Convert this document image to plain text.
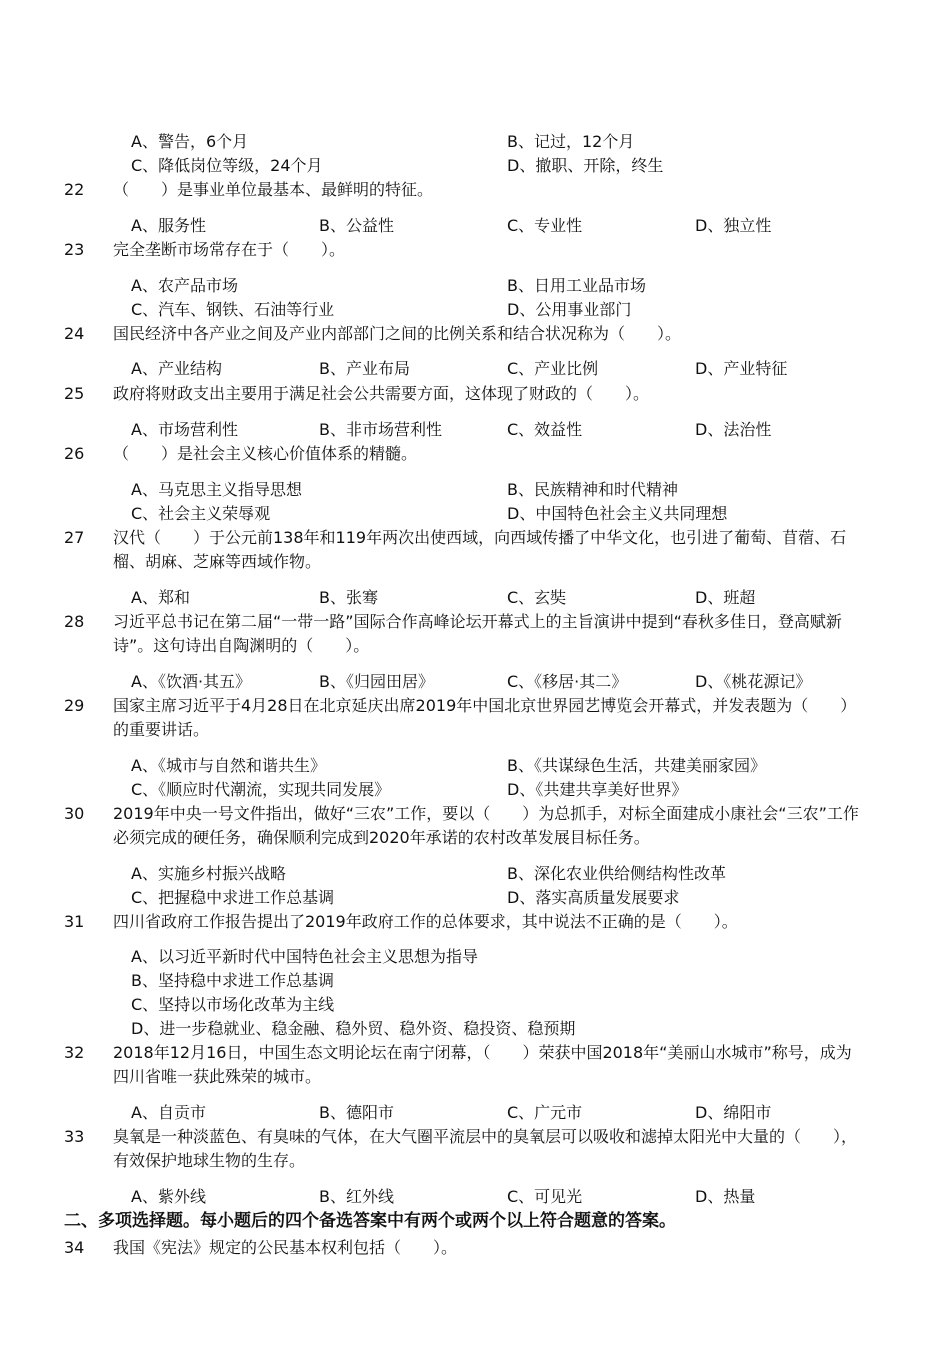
A、警告，6个月	B、记过，12个月
C、降低岗位等级，24个月	D、撤职、开除，终生
22 （　　）是事业单位最基本、最鲜明的特征。
A、服务性	B、公益性	C、专业性	D、独立性
23 完全垄断市场常存在于（　　）。
A、农产品市场	B、日用工业品市场
C、汽车、钢铁、石油等行业	D、公用事业部门
24 国民经济中各产业之间及产业内部部门之间的比例关系和结合状况称为（　　）。
A、产业结构	B、产业布局	C、产业比例	D、产业特征
25 政府将财政支出主要用于满足社会公共需要方面，这体现了财政的（　　）。
A、市场营利性	B、非市场营利性	C、效益性	D、法治性
26 （　　）是社会主义核心价值体系的精髓。
A、马克思主义指导思想	B、民族精神和时代精神
C、社会主义荣辱观	D、中国特色社会主义共同理想
27 汉代（　　）于公元前138年和119年两次出使西域，向西域传播了中华文化，也引进了葡萄、苜蓿、石榴、胡麻、芝麻等西域作物。
A、郑和	B、张骞	C、玄奘	D、班超
28 习近平总书记在第二届“一带一路”国际合作高峰论坛开幕式上的主旨演讲中提到“春秋多佳日，登高赋新诗”。这句诗出自陶渊明的（　　）。
A、《饮酒·其五》	B、《归园田居》	C、《移居·其二》	D、《桃花源记》
29 国家主席习近平于4月28日在北京延庆出席2019年中国北京世界园艺博览会开幕式，并发表题为（　　）的重要讲话。
A、《城市与自然和谐共生》	B、《共谋绿色生活，共建美丽家园》
C、《顺应时代潮流，实现共同发展》	D、《共建共享美好世界》
30 2019年中央一号文件指出，做好“三农”工作，要以（　　）为总抓手，对标全面建成小康社会“三农”工作必须完成的硬任务，确保顺利完成到2020年承诺的农村改革发展目标任务。
A、实施乡村振兴战略	B、深化农业供给侧结构性改革
C、把握稳中求进工作总基调	D、落实高质量发展要求
31 四川省政府工作报告提出了2019年政府工作的总体要求，其中说法不正确的是（　　）。
A、以习近平新时代中国特色社会主义思想为指导
B、坚持稳中求进工作总基调
C、坚持以市场化改革为主线
D、进一步稳就业、稳金融、稳外贸、稳外资、稳投资、稳预期
32 2018年12月16日，中国生态文明论坛在南宁闭幕，（　　）荣获中国2018年“美丽山水城市”称号，成为四川省唯一获此殊荣的城市。
A、自贡市	B、德阳市	C、广元市	D、绵阳市
33 臭氧是一种淡蓝色、有臭味的气体，在大气圈平流层中的臭氧层可以吸收和滤掉太阳光中大量的（　　），有效保护地球生物的生存。
A、紫外线	B、红外线	C、可见光	D、热量
二、多项选择题。每小题后的四个备选答案中有两个或两个以上符合题意的答案。
34 我国《宪法》规定的公民基本权利包括（　　）。
